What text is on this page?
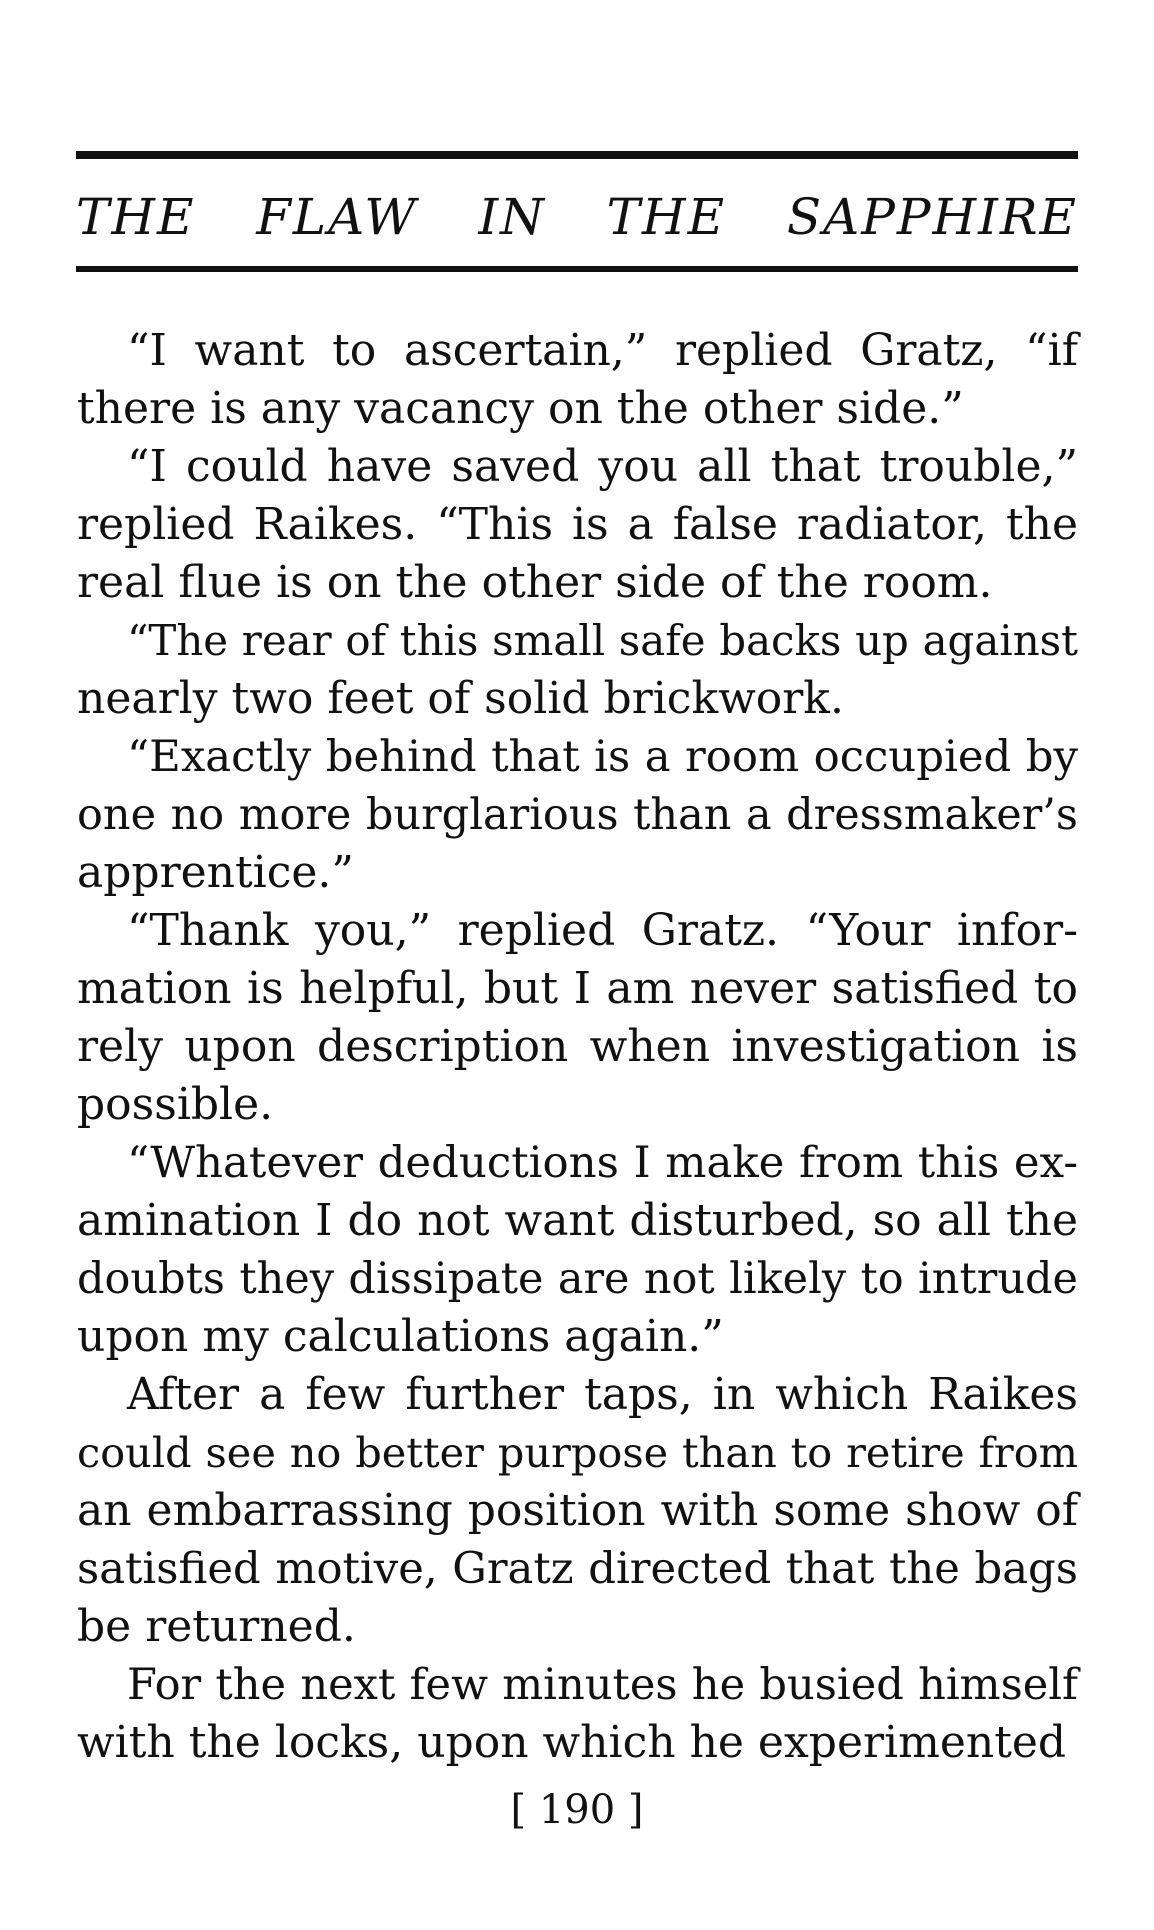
THE FLAW IN THE SAPPHIRE

“I want to ascertain,” replied Gratz, “if
there is any vacancy on the other side.”

“I could have saved you all that trouble,”
replied Raikes. “This is a false radiator, the
real flue is on the other side of the room.

“The rear of this small safe backs up against
nearly two feet of solid brickwork.

“Exactly behind that is a room occupied by
one no more burglarious than a dressmaker’s
apprentice.”

“Thank you,” replied Gratz. “Your infor-
mation is helpful, but I am never satisfied to
rely upon description when investigation is
possible.

“Whatever deductions I make from this ex-
amination I do not want disturbed, so all the
doubts they dissipate are not likely to intrude
upon my calculations again.”

After a few further taps, in which Raikes
could see no better purpose than to retire from
an embarrassing position with some show of
satisfied motive, Gratz directed that the bags
be returned.

For the next few minutes he busied himself
with the locks, upon which he experimented

[ 190 ]
